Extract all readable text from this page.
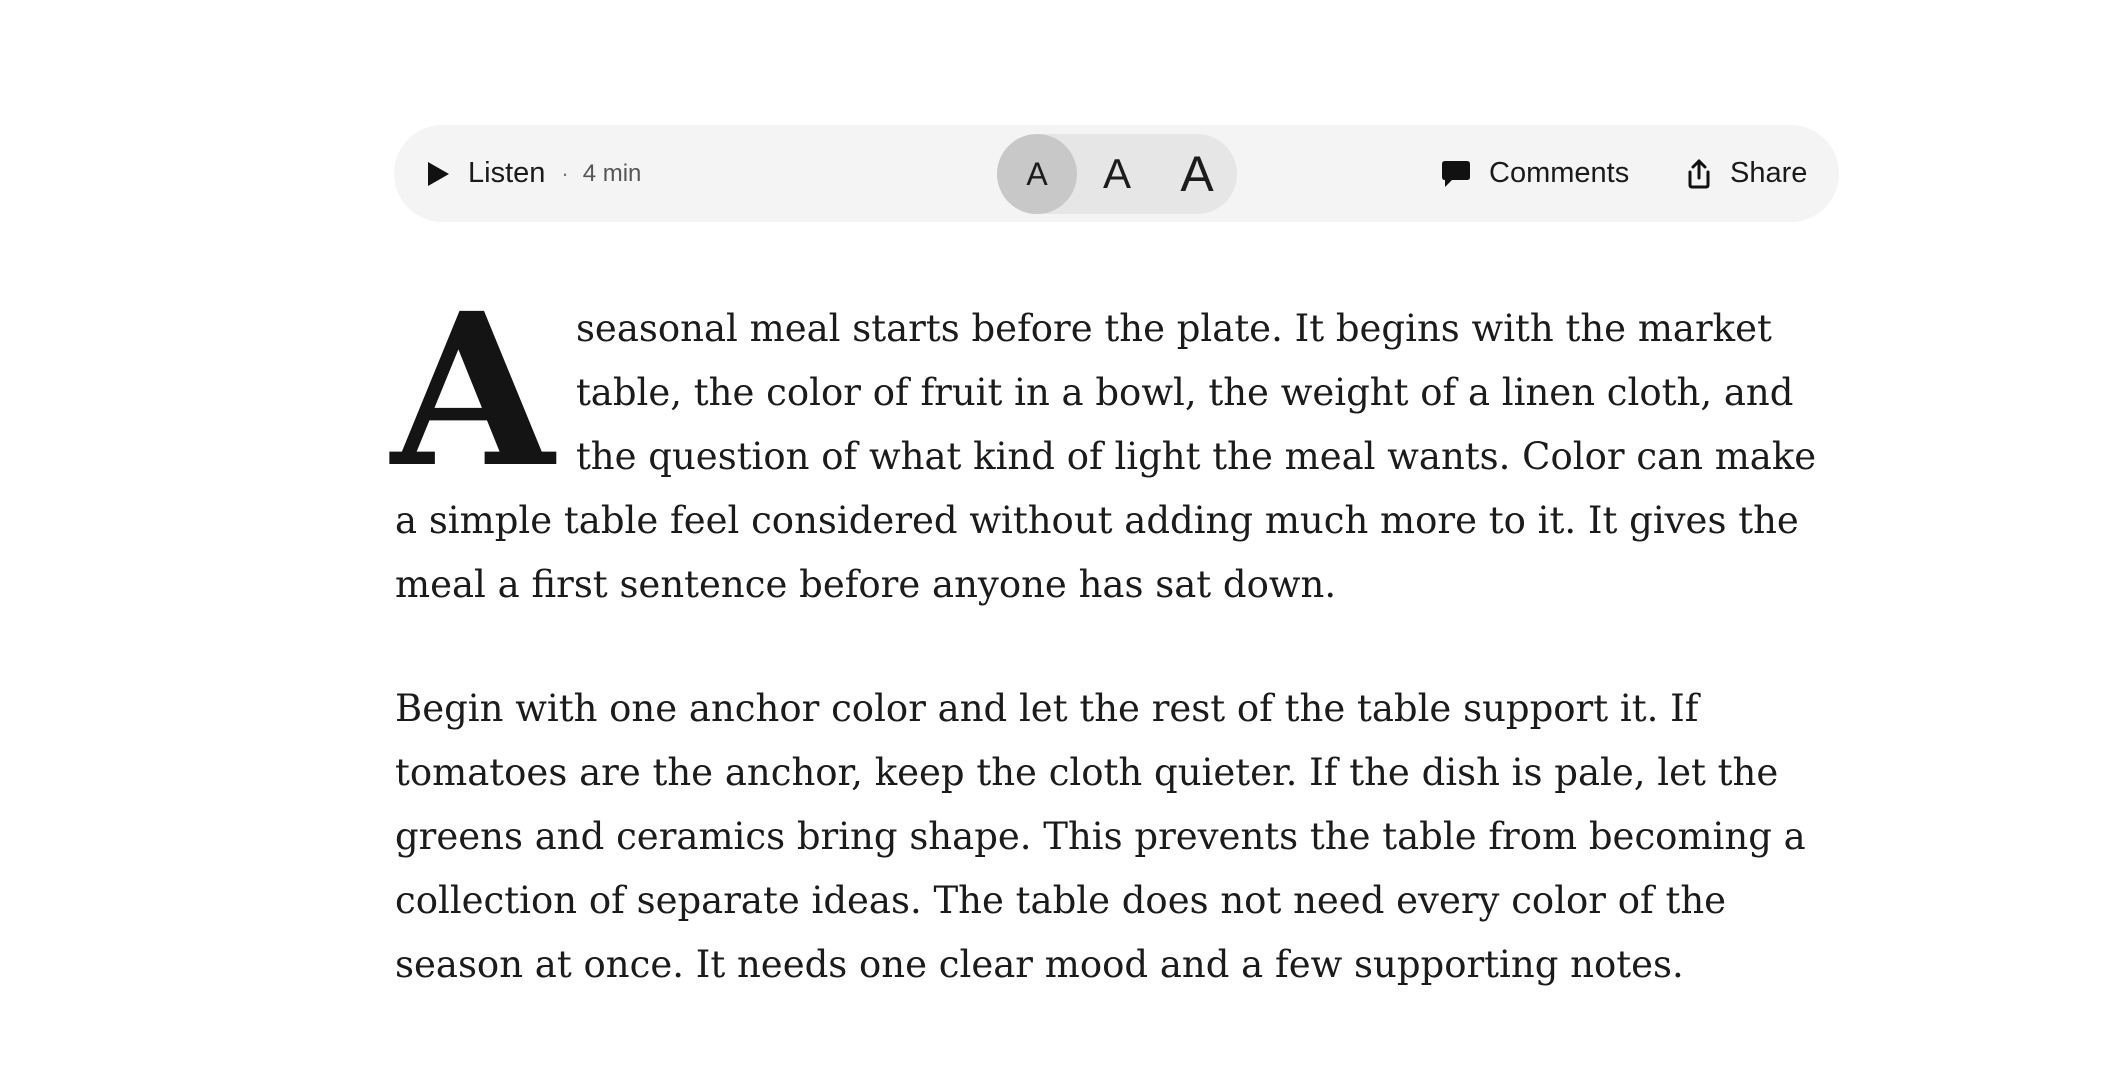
Listen · 4 min	A	A A	Comments	Share

Aseasonal meal starts before the plate. It begins with the market table, the color of fruit in a bowl, the weight of a linen cloth, and the question of what kind of light the meal wants. Color can make a simple table feel considered without adding much more to it. It gives the meal a first sentence before anyone has sat down.

Begin with one anchor color and let the rest of the table support it. If tomatoes are the anchor, keep the cloth quieter. If the dish is pale, let the greens and ceramics bring shape. This prevents the table from becoming a collection of separate ideas. The table does not need every color of the season at once. It needs one clear mood and a few supporting notes.
